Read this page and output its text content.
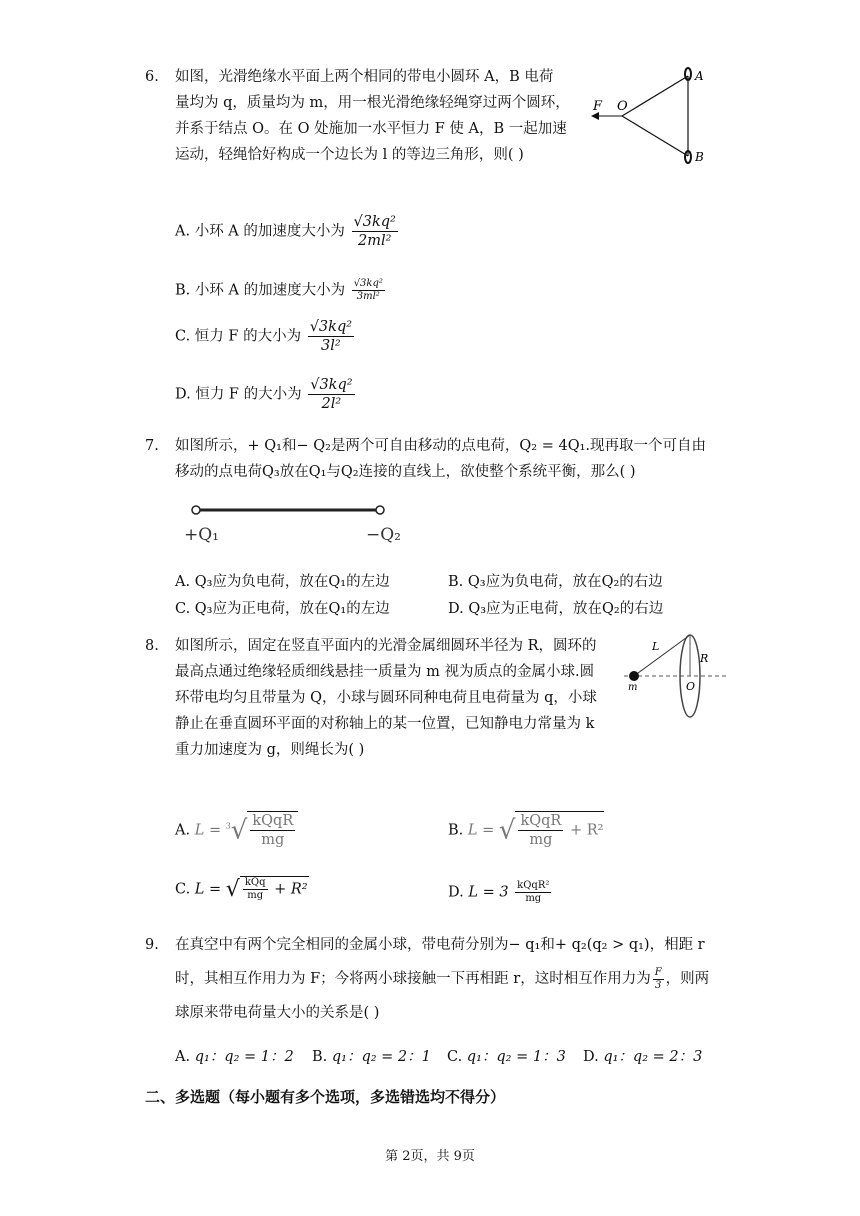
6.	如图，光滑绝缘水平面上两个相同的带电小圆环 A，B 电荷
量均为 q，质量均为 m，用一根光滑绝缘轻绳穿过两个圆环，
并系于结点 O。在 O 处施加一水平恒力 F 使 A，B 一起加速
运动，轻绳恰好构成一个边长为 l 的等边三角形，则( )
F O
A
B
A. 小环 A 的加速度大小为 $\frac{\text{√3kq²}}{\text{2ml²}}$
B. 小环 A 的加速度大小为 $\frac{\text{√3kq²}}{\text{3ml²}}$
C. 恒力 F 的大小为 $\frac{\text{√3kq²}}{\text{3l²}}$
D. 恒力 F 的大小为 $\frac{\text{√3kq²}}{\text{2l²}}$
7.	如图所示，+ Q₁和− Q₂是两个可自由移动的点电荷，Q₂ = 4Q₁.现再取一个可自由
移动的点电荷Q₃放在Q₁与Q₂连接的直线上，欲使整个系统平衡，那么( )
+Q₁	−Q₂
A. Q₃应为负电荷，放在Q₁的左边	B. Q₃应为负电荷，放在Q₂的右边
C. Q₃应为正电荷，放在Q₁的左边	D. Q₃应为正电荷，放在Q₂的右边
8.	如图所示，固定在竖直平面内的光滑金属细圆环半径为 R，圆环的
最高点通过绝缘轻质细线悬挂一质量为 m 视为质点的金属小球.圆
环带电均匀且带量为 Q，小球与圆环同种电荷且电荷量为 q，小球
静止在垂直圆环平面的对称轴上的某一位置，已知静电力常量为 k
重力加速度为 g，则绳长为( )
L
R
m	O
A. $L = ^3√ \frac{\text{kQqR}}{mg}$	B. L = √ $\frac{\text{kQqR}}{mg} + R^2$
C. L = √ $\frac{\text{kQq}}{mg} + R^2$	D. $L = 3 \frac{\text{kQqR²}}{mg}$
9.	在真空中有两个完全相同的金属小球，带电荷分别为− q₁和+ q₂(q₂ > q₁)，相距 r
时，其相互作用力为 F；今将两小球接触一下再相距 r，这时相互作用力为 $\frac{F}{3}$ ，则两
球原来带电荷量大小的关系是( )
A. q₁：q₂ = 1：2 B. q₁：q₂ = 2：1 C. q₁：q₂ = 1：3 D. q₁：q₂ = 2：3
二、多选题（每小题有多个选项，多选错选均不得分）
第 2页，共 9页
